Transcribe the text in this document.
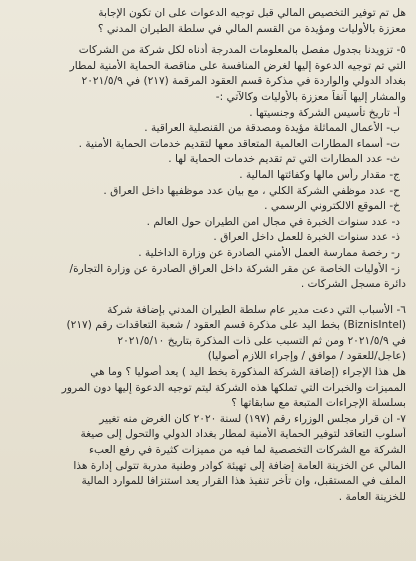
هل تم توفير التخصيص المالي قبل توجيه الدعوات على ان تكون الإجابة
معززة بالأوليات ومؤيدة من القسم المالي في سلطة الطيران المدني ؟
٥- تزويدنا بجدول مفصل بالمعلومات المدرجة أدناه لكل شركة من الشركات
التي تم توجيه الدعوة إليها لغرض المنافسة على مناقصة الحماية الأمنية لمطار
بغداد الدولي والواردة في مذكرة قسم العقود المرقمة (٢١٧) في ٢٠٢١/٥/٩
والمشار إليها آنفاً معززة بالأوليات وكالآتي :-
أ- تاريخ تأسيس الشركة وجنسيتها .
ب- الأعمال المماثلة مؤيدة ومصدقة من القنصلية العراقية .
ت- أسماء المطارات العالمية المتعاقد معها لتقديم خدمات الحماية الأمنية .
ث- عدد المطارات التي تم تقديم خدمات الحماية لها .
ج- مقدار رأس مالها وكفائتها المالية .
ح- عدد موظفي الشركة الكلي ، مع بيان عدد موظفيها داخل العراق .
خ- الموقع الالكتروني الرسمي .
د- عدد سنوات الخبرة في مجال امن الطيران حول العالم .
ذ- عدد سنوات الخبرة للعمل داخل العراق .
ر- رخصة ممارسة العمل الأمني الصادرة عن وزارة الداخلية .
ز- الأوليات الخاصة عن مقر الشركة داخل العراق الصادرة عن وزارة التجارة/
دائرة مسجل الشركات .
٦- الأسباب التي دعت مدير عام سلطة الطيران المدني بإضافة شركة
(BiznisIntel) بخط اليد على مذكرة قسم العقود / شعبة التعاقدات رقم (٢١٧)
في ٢٠٢١/٥/٩ ومن ثم التسبب على ذات المذكرة بتاريخ ٢٠٢١/٥/١٠
(عاجل/للعقود / موافق / وإجراء اللازم أصوليا)
هل هذا الإجراء (إضافة الشركة المذكورة بخط اليد ) يعد أصوليا ؟ وما هي
المميزات والخبرات التي تملكها هذه الشركة ليتم توجيه الدعوة إليها دون المرور
بسلسلة الإجراءات المتبعة مع سابقاتها ؟
٧- ان قرار مجلس الوزراء رقم (١٩٧) لسنة ٢٠٢٠ كان الغرض منه تغيير
أسلوب التعاقد لتوفير الحماية الأمنية لمطار بغداد الدولي والتحول إلى صيغة
الشركة مع الشركات التخصصية لما فيه من مميزات كثيرة في رفع العبء
المالي عن الخزينة العامة إضافة إلى تهيئة كوادر وطنية مدربة تتولى إدارة هذا
الملف في المستقبل، وان تأخر تنفيذ هذا القرار يعد استنزافا للموارد المالية
للخزينة العامة .
